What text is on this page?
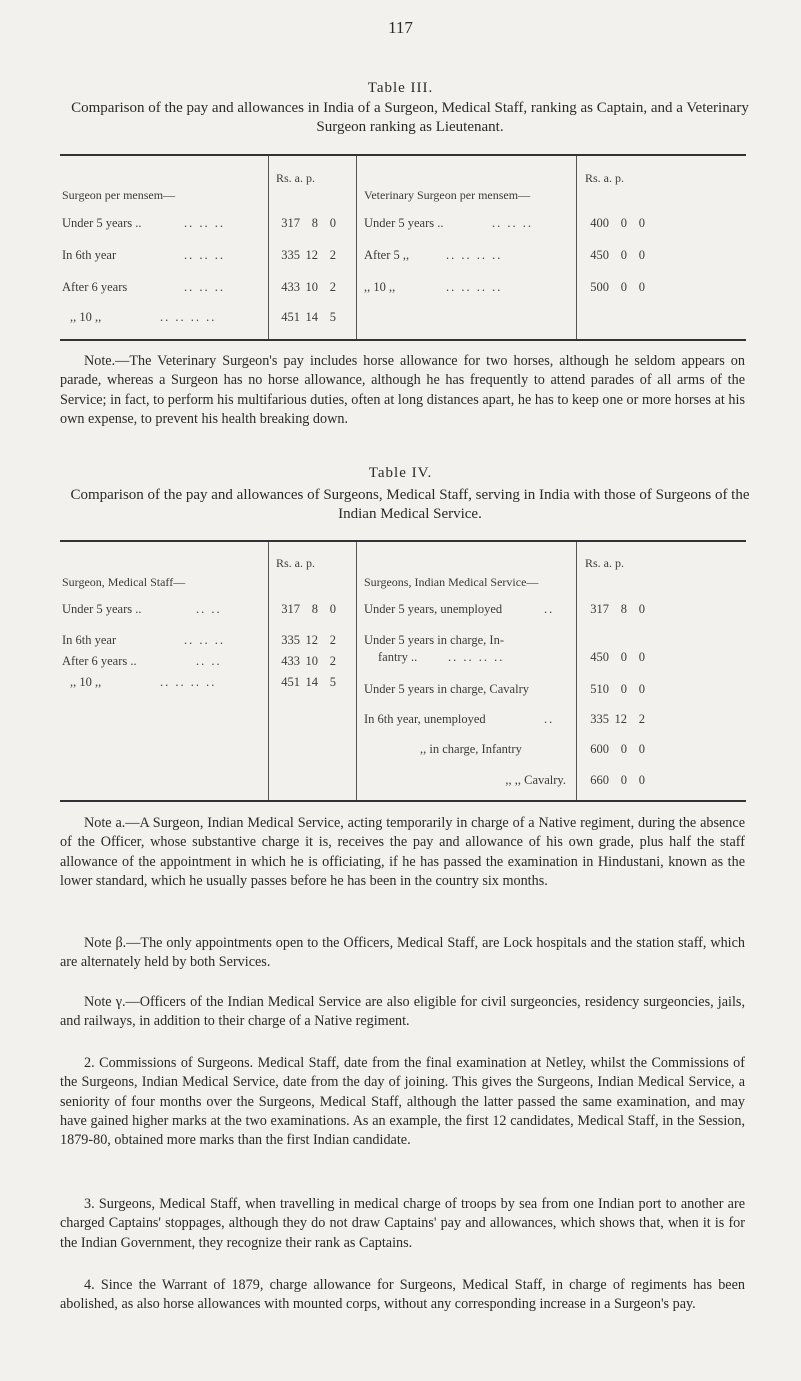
117
Table III.
Comparison of the pay and allowances in India of a Surgeon, Medical Staff, ranking as Captain, and a Veterinary Surgeon ranking as Lieutenant.
Surgeon per mensem—
Rs. a. p.
Veterinary Surgeon per mensem—
Rs. a. p.
Under 5 years ..	.. .. ..	317 8 0
In 6th year	.. .. ..	335 12 2
After 6 years	.. .. ..	433 10 2
,, 10 ,,	.. .. .. ..	451 14 5
Under 5 years ..	.. .. ..	400 0 0
After 5 ,,	.. .. .. ..	450 0 0
,, 10 ,,	.. .. .. ..	500 0 0
Note.—The Veterinary Surgeon's pay includes horse allowance for two horses, although he seldom appears on parade, whereas a Surgeon has no horse allowance, although he has frequently to attend parades of all arms of the Service; in fact, to perform his multifarious duties, often at long distances apart, he has to keep one or more horses at his own expense, to prevent his health breaking down.
Table IV.
Comparison of the pay and allowances of Surgeons, Medical Staff, serving in India with those of Surgeons of the Indian Medical Service.
Surgeon, Medical Staff—
Rs. a. p.
Surgeons, Indian Medical Service—
Rs. a. p.
Under 5 years ..	.. ..	317 8 0
In 6th year	.. .. ..	335 12 2
After 6 years ..	.. ..	433 10 2
,, 10 ,,	.. .. .. ..	451 14 5
Under 5 years, unemployed	..	317 8 0
Under 5 years in charge, In-
fantry .. .. .. .. ..	450 0 0
Under 5 years in charge, Cavalry	510 0 0
In 6th year, unemployed	..	335 12 2
,, in charge, Infantry	600 0 0
,, ,, Cavalry.	660 0 0
Note a.—A Surgeon, Indian Medical Service, acting temporarily in charge of a Native regiment, during the absence of the Officer, whose substantive charge it is, receives the pay and allowance of his own grade, plus half the staff allowance of the appointment in which he is officiating, if he has passed the examination in Hindustani, known as the lower standard, which he usually passes before he has been in the country six months.
Note β.—The only appointments open to the Officers, Medical Staff, are Lock hospitals and the station staff, which are alternately held by both Services.
Note γ.—Officers of the Indian Medical Service are also eligible for civil surgeoncies, residency surgeoncies, jails, and railways, in addition to their charge of a Native regiment.
2. Commissions of Surgeons. Medical Staff, date from the final examination at Netley, whilst the Commissions of the Surgeons, Indian Medical Service, date from the day of joining. This gives the Surgeons, Indian Medical Service, a seniority of four months over the Surgeons, Medical Staff, although the latter passed the same examination, and may have gained higher marks at the two examinations. As an example, the first 12 candidates, Medical Staff, in the Session, 1879-80, obtained more marks than the first Indian candidate.
3. Surgeons, Medical Staff, when travelling in medical charge of troops by sea from one Indian port to another are charged Captains' stoppages, although they do not draw Captains' pay and allowances, which shows that, when it is for the Indian Government, they recognize their rank as Captains.
4. Since the Warrant of 1879, charge allowance for Surgeons, Medical Staff, in charge of regiments has been abolished, as also horse allowances with mounted corps, without any corresponding increase in a Surgeon's pay.
